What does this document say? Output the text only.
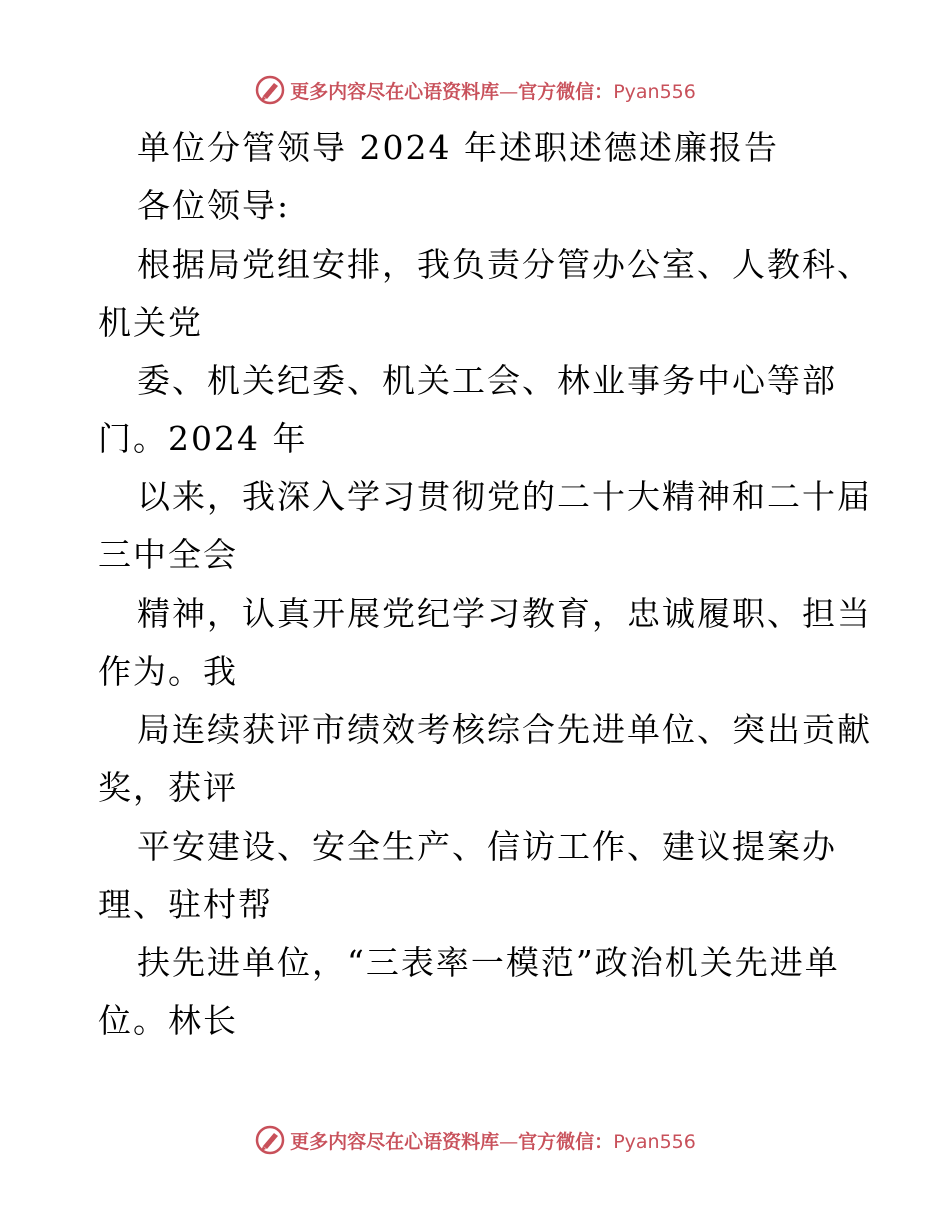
更多内容尽在心语资料库—官方微信：Pyan556
单位分管领导 2024 年述职述德述廉报告
各位领导:
根据局党组安排，我负责分管办公室、人教科、
机关党
委、机关纪委、机关工会、林业事务中心等部
门。2024 年
以来，我深入学习贯彻党的二十大精神和二十届
三中全会
精神，认真开展党纪学习教育，忠诚履职、担当
作为。我
局连续获评市绩效考核综合先进单位、突出贡献
奖，获评
平安建设、安全生产、信访工作、建议提案办
理、驻村帮
扶先进单位，“三表率一模范”政治机关先进单
位。林长
更多内容尽在心语资料库—官方微信：Pyan556
